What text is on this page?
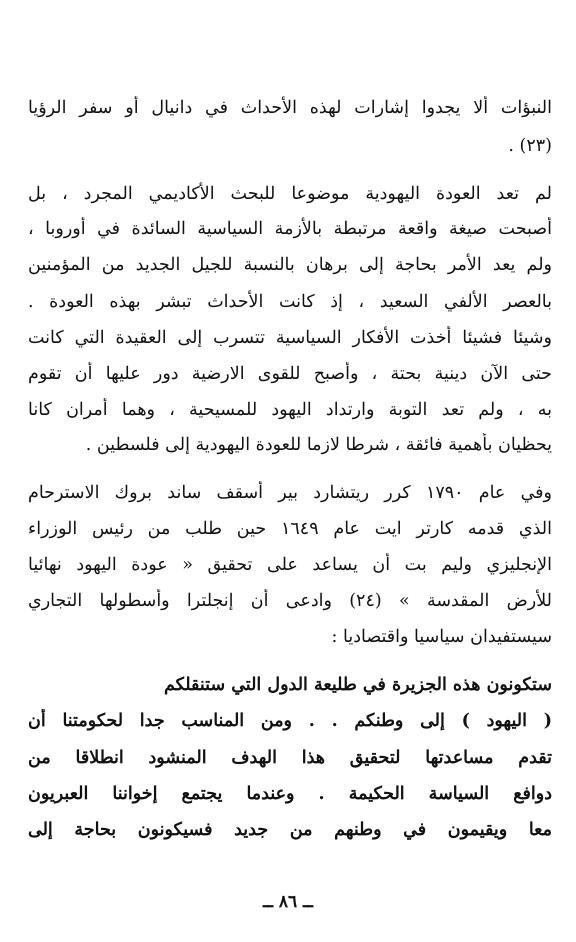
النبؤات ألا يجدوا إشارات لهذه الأحداث في دانيال أو سفر الرؤيا
(٢٣) .
لم تعد العودة اليهودية موضوعا للبحث الأكاديمي المجرد ، بل
أصبحت صيغة واقعة مرتبطة بالأزمة السياسية السائدة في أوروبا ،
ولم يعد الأمر بحاجة إلى برهان بالنسبة للجيل الجديد من المؤمنين
بالعصر الألفي السعيد ، إذ كانت الأحداث تبشر بهذه العودة .
وشيئا فشيئا أخذت الأفكار السياسية تتسرب إلى العقيدة التي كانت
حتى الآن دينية بحتة ، وأصبح للقوى الارضية دور عليها أن تقوم
به ، ولم تعد التوبة وارتداد اليهود للمسيحية ، وهما أمران كانا
يحظيان بأهمية فائقة ، شرطا لازما للعودة اليهودية إلى فلسطين .
وفي عام ١٧٩٠ كرر ريتشارد بير أسقف ساند بروك الاسترحام
الذي قدمه كارتر ايت عام ١٦٤٩ حين طلب من رئيس الوزراء
الإنجليزي وليم بت أن يساعد على تحقيق « عودة اليهود نهائيا
للأرض المقدسة » (٢٤) وادعى أن إنجلترا وأسطولها التجاري
سيستفيدان سياسيا واقتصاديا :
ستكونون هذه الجزيرة في طليعة الدول التي ستنقلكم
( اليهود ) إلى وطنكم . . ومن المناسب جدا لحكومتنا أن
تقدم مساعدتها لتحقيق هذا الهدف المنشود انطلاقا من
دوافع السياسة الحكيمة . وعندما يجتمع إخواننا العبريون
معا ويقيمون في وطنهم من جديد فسيكونون بحاجة إلى
ــ ٨٦ ــ
